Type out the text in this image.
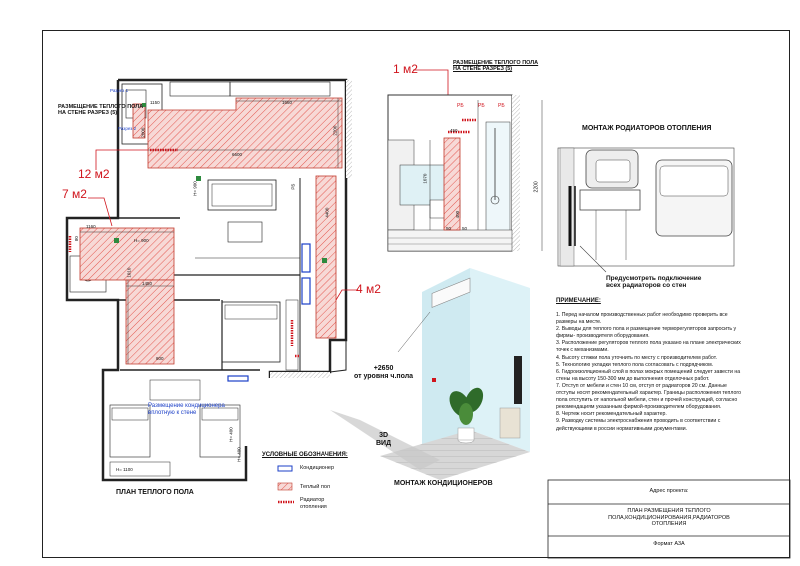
РАЗМЕЩЕНИЕ ТЕПЛОГО ПОЛА
НА СТЕНЕ РАЗРЕЗ (5)
Разрез 1
Разрез 2
12 м2
7 м2
4 м2
1660
1150
6600
2200
1160
1450
1010
800
2000
4400
80
H= 900
H= 900
H= 1100
H= 400
H= 400
РБ
Размещение кондиционера
вплотную к стене
ПЛАН ТЕПЛОГО ПОЛА
УСЛОВНЫЕ ОБОЗНАЧЕНИЯ:
Кондиционер
Теплый пол
Радиатор отопления
1 м2	РАЗМЕЩЕНИЕ ТЕПЛОГО ПОЛА
НА СТЕНЕ РАЗРЕЗ (5)
450
1070
2200
50 50
400
РБ	РБ	РБ
МОНТАЖ РОДИАТОРОВ ОТОПЛЕНИЯ
Предусмотреть подключение
всех радиаторов со стен
+2650
от уровня ч.пола
3D
ВИД
МОНТАЖ КОНДИЦИОНЕРОВ
ПРИМЕЧАНИЕ:

1. Перед началом производственных работ необходимо проверить все размеры на месте.

2. Выводы для теплого пола и размещение терморегуляторов запросить у фирмы- производителя оборудования.

3. Расположение регуляторов теплого пола указано на плане электрических точек с механизмами.

4. Высоту стяжки пола уточнить по месту с производителем работ.

5. Технологию укладки теплого пола согласовать с подрядчиком.

6. Гидроизоляционный слой в полах мокрых помещений следует завести на стены на высоту 150-300 мм до выполнения отделочных работ.

7. Отступ от мебели и стен 10 см, отступ от радиаторов 20 см. Данные отступы носят рекомендательный характер. Границы расположения теплого пола отступить от напольной мебели, стен и прочей конструкций, согласно рекомендациям указанным фирмой-производителем оборудования.

8. Чертеж носит рекомендательный характер.

9. Разводку системы электроснабжения проводить в соответствии с действующими в россии нормативными документами.

Адрес проекта:
ПЛАН РАЗМЕЩЕНИЯ ТЕПЛОГО
ПОЛА,КОНДИЦИОНИРОВАНИЯ,РАДИАТОРОВ
ОТОПЛЕНИЯ
Формат А3А
